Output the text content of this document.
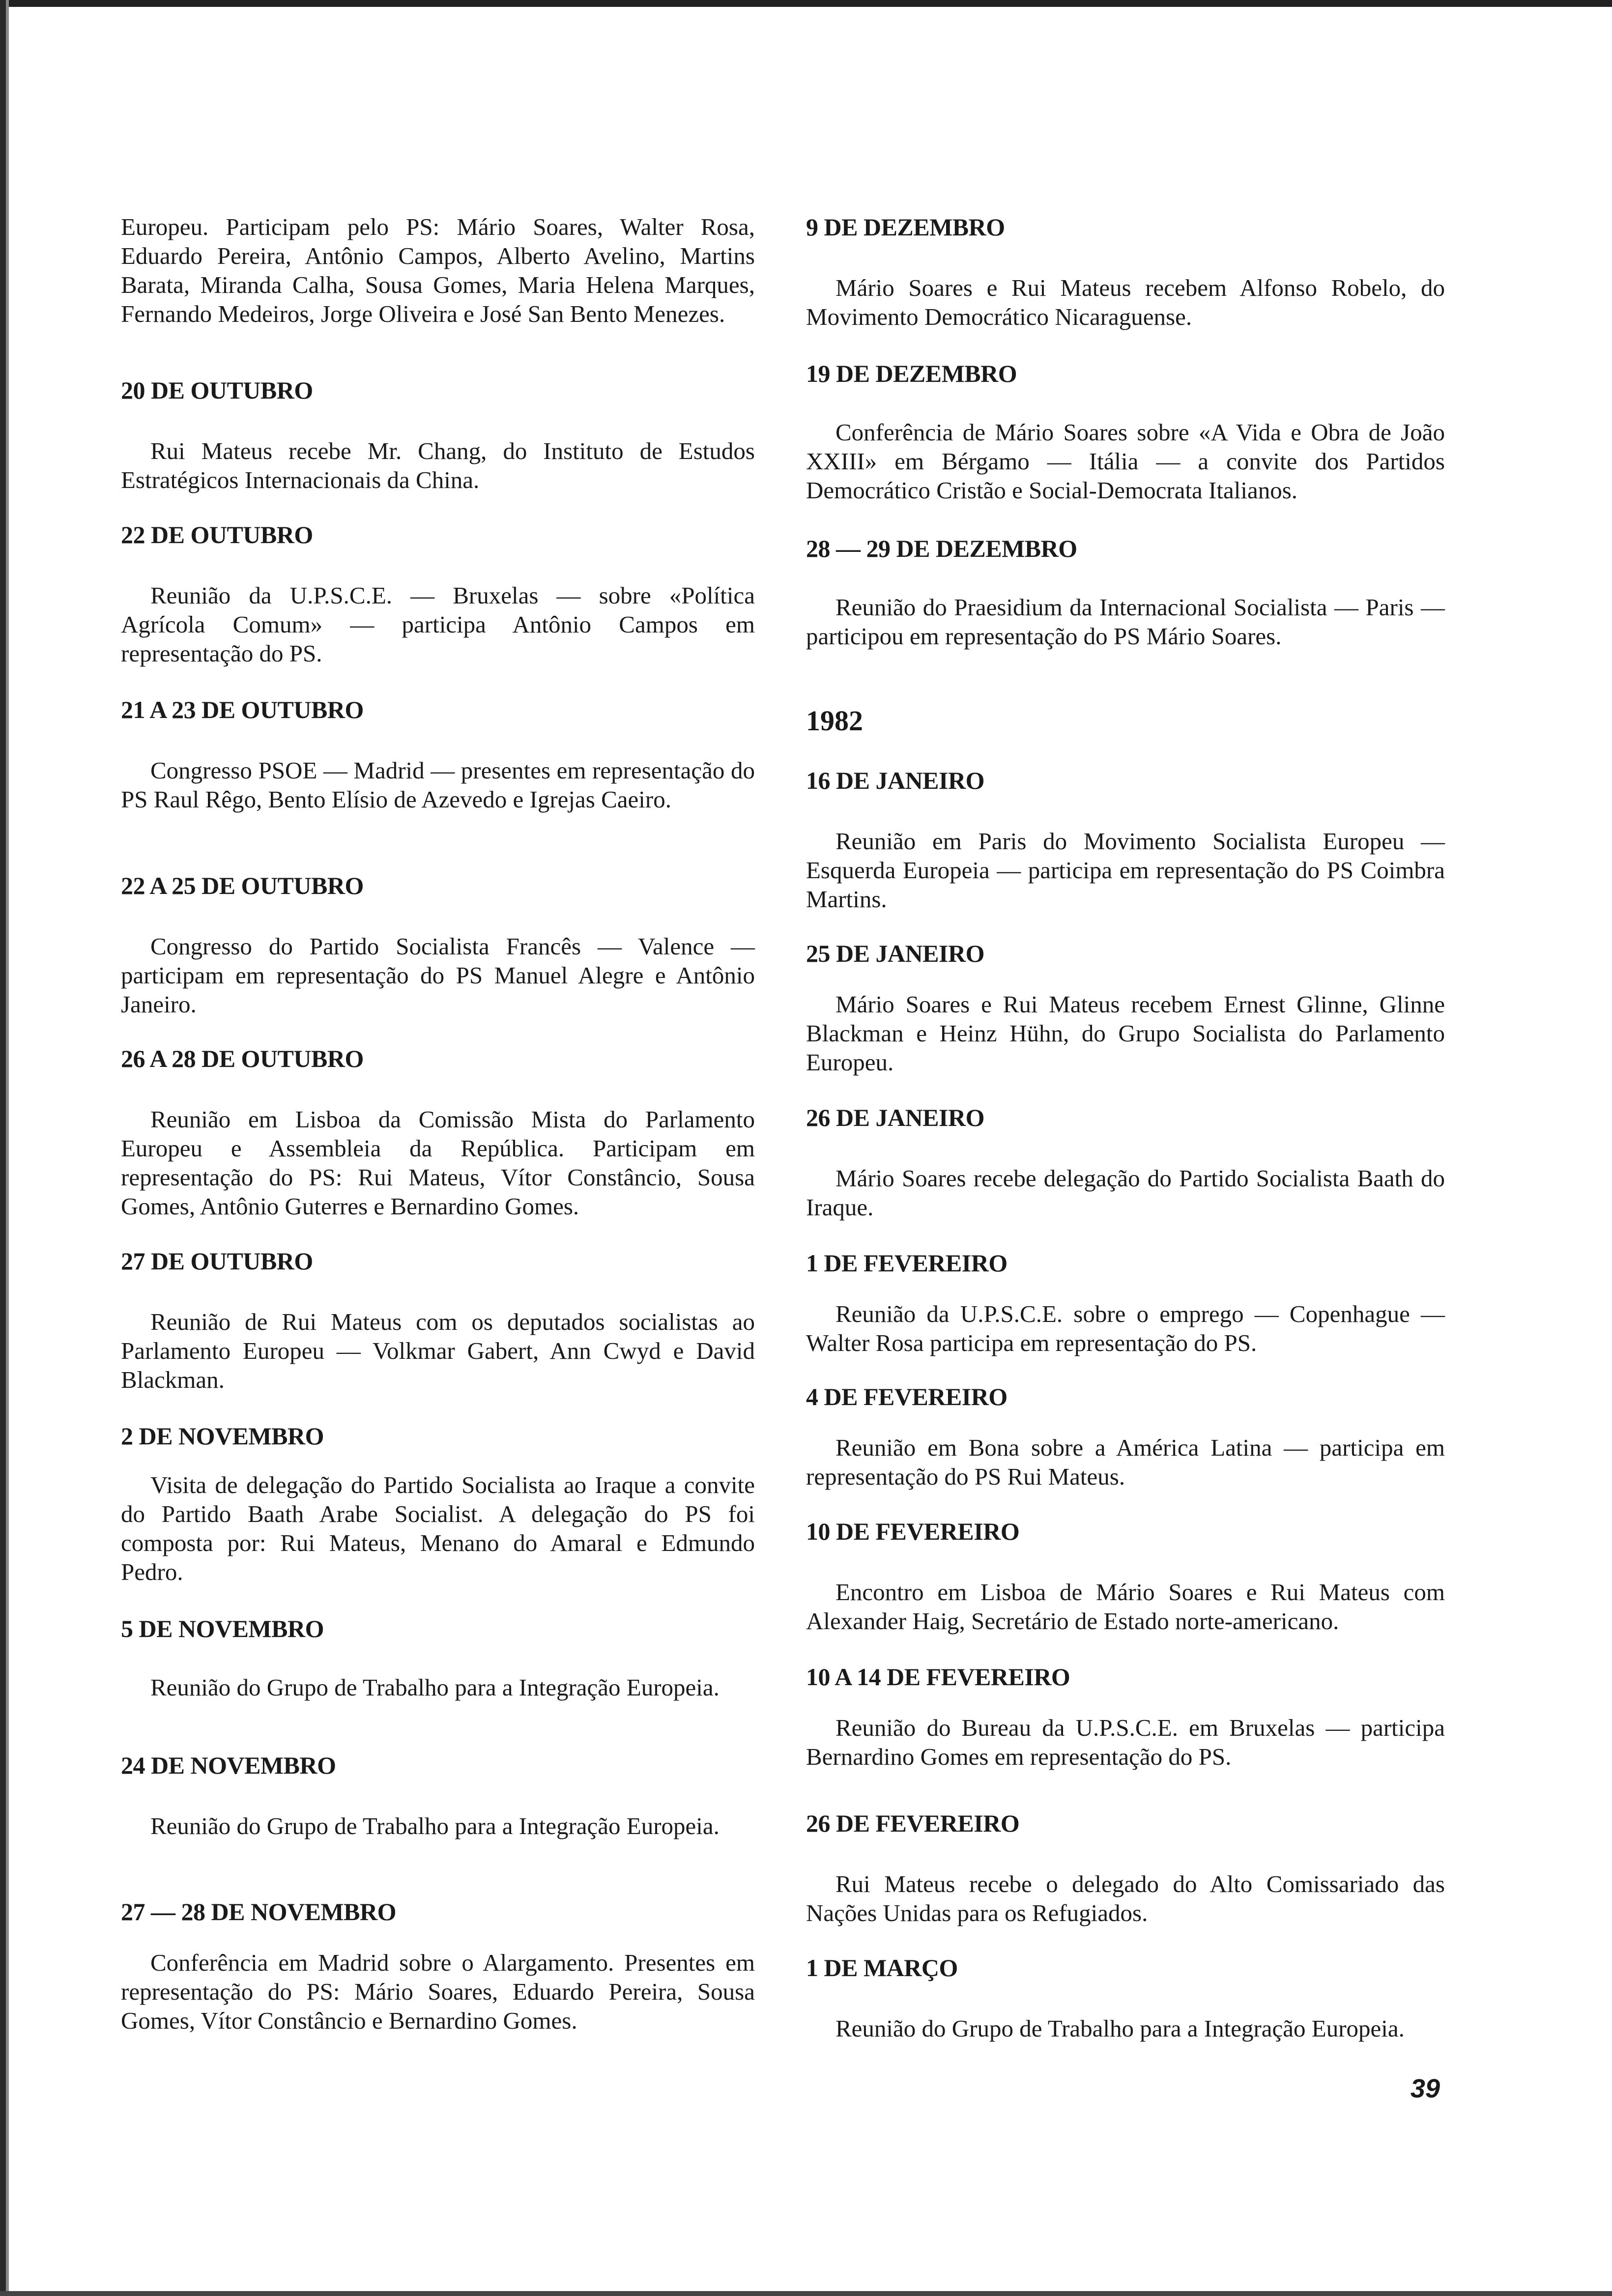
Europeu. Participam pelo PS: Mário Soares, Walter Rosa, Eduardo Pereira, Antônio Campos, Alberto Avelino, Martins Barata, Miranda Calha, Sousa Gomes, Maria Helena Marques, Fernando Medeiros, Jorge Oliveira e José San Bento Menezes.

20 DE OUTUBRO

Rui Mateus recebe Mr. Chang, do Instituto de Estudos Estratégicos Internacionais da China.

22 DE OUTUBRO

Reunião da U.P.S.C.E. — Bruxelas — sobre «Política Agrícola Comum» — participa Antônio Campos em representação do PS.

21 A 23 DE OUTUBRO

Congresso PSOE — Madrid — presentes em representação do PS Raul Rêgo, Bento Elísio de Azevedo e Igrejas Caeiro.

22 A 25 DE OUTUBRO

Congresso do Partido Socialista Francês — Valence — participam em representação do PS Manuel Alegre e Antônio Janeiro.

26 A 28 DE OUTUBRO

Reunião em Lisboa da Comissão Mista do Parlamento Europeu e Assembleia da República. Participam em representação do PS: Rui Mateus, Vítor Constâncio, Sousa Gomes, Antônio Guterres e Bernardino Gomes.

27 DE OUTUBRO

Reunião de Rui Mateus com os deputados socialistas ao Parlamento Europeu — Volkmar Gabert, Ann Cwyd e David Blackman.

2 DE NOVEMBRO

Visita de delegação do Partido Socialista ao Iraque a convite do Partido Baath Arabe Socialist. A delegação do PS foi composta por: Rui Mateus, Menano do Amaral e Edmundo Pedro.

5 DE NOVEMBRO

Reunião do Grupo de Trabalho para a Integração Europeia.

24 DE NOVEMBRO

Reunião do Grupo de Trabalho para a Integração Europeia.

27 — 28 DE NOVEMBRO

Conferência em Madrid sobre o Alargamento. Presentes em representação do PS: Mário Soares, Eduardo Pereira, Sousa Gomes, Vítor Constâncio e Bernardino Gomes.

9 DE DEZEMBRO

Mário Soares e Rui Mateus recebem Alfonso Robelo, do Movimento Democrático Nicaraguense.

19 DE DEZEMBRO

Conferência de Mário Soares sobre «A Vida e Obra de João XXIII» em Bérgamo — Itália — a convite dos Partidos Democrático Cristão e Social-Democrata Italianos.

28 — 29 DE DEZEMBRO

Reunião do Praesidium da Internacional Socialista — Paris — participou em representação do PS Mário Soares.

1982

16 DE JANEIRO

Reunião em Paris do Movimento Socialista Europeu — Esquerda Europeia — participa em representação do PS Coimbra Martins.

25 DE JANEIRO

Mário Soares e Rui Mateus recebem Ernest Glinne, Glinne Blackman e Heinz Hühn, do Grupo Socialista do Parlamento Europeu.

26 DE JANEIRO

Mário Soares recebe delegação do Partido Socialista Baath do Iraque.

1 DE FEVEREIRO

Reunião da U.P.S.C.E. sobre o emprego — Copenhague — Walter Rosa participa em representação do PS.

4 DE FEVEREIRO

Reunião em Bona sobre a América Latina — participa em representação do PS Rui Mateus.

10 DE FEVEREIRO

Encontro em Lisboa de Mário Soares e Rui Mateus com Alexander Haig, Secretário de Estado norte-americano.

10 A 14 DE FEVEREIRO

Reunião do Bureau da U.P.S.C.E. em Bruxelas — participa Bernardino Gomes em representação do PS.

26 DE FEVEREIRO

Rui Mateus recebe o delegado do Alto Comissariado das Nações Unidas para os Refugiados.

1 DE MARÇO

Reunião do Grupo de Trabalho para a Integração Europeia.

39
